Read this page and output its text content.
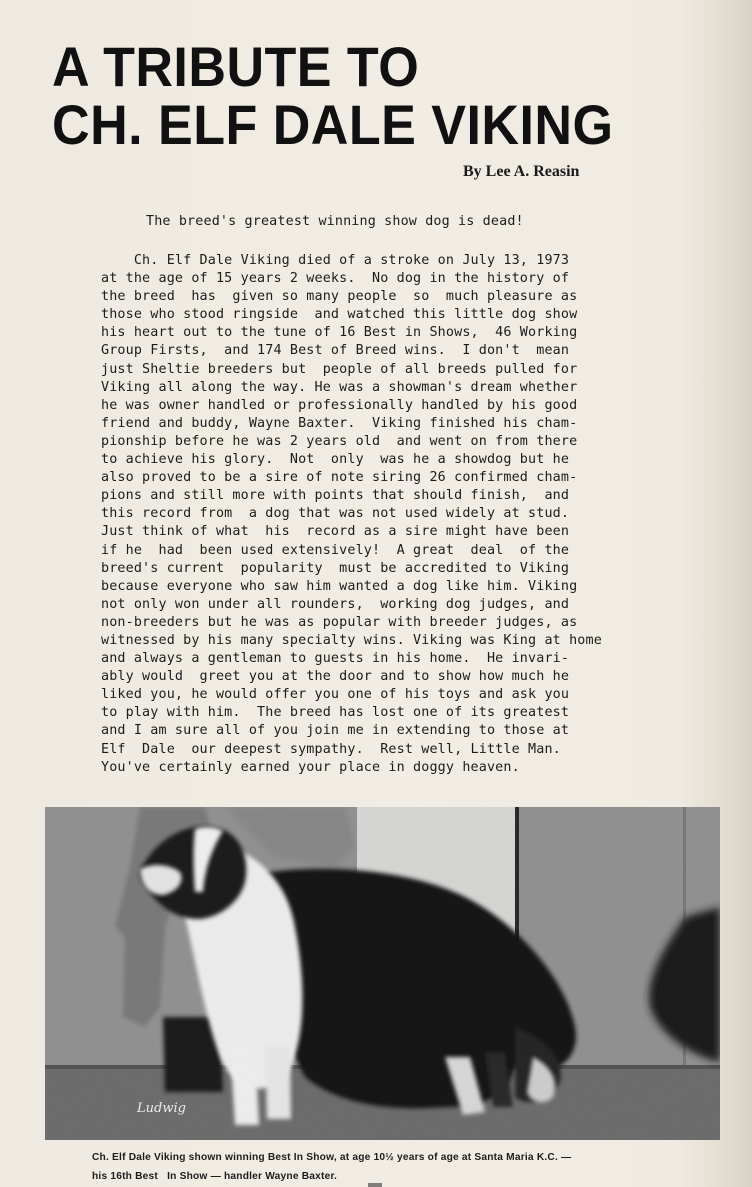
A TRIBUTE TO
CH. ELF DALE VIKING
By Lee A. Reasin
The breed's greatest winning show dog is dead!
Ch. Elf Dale Viking died of a stroke on July 13, 1973
at the age of 15 years 2 weeks.  No dog in the history of
the breed  has  given so many people  so  much pleasure as
those who stood ringside  and watched this little dog show
his heart out to the tune of 16 Best in Shows,  46 Working
Group Firsts,  and 174 Best of Breed wins.  I don't  mean
just Sheltie breeders but  people of all breeds pulled for
Viking all along the way. He was a showman's dream whether
he was owner handled or professionally handled by his good
friend and buddy, Wayne Baxter.  Viking finished his cham-
pionship before he was 2 years old  and went on from there
to achieve his glory.  Not  only  was he a showdog but he
also proved to be a sire of note siring 26 confirmed cham-
pions and still more with points that should finish,  and
this record from  a dog that was not used widely at stud.
Just think of what  his  record as a sire might have been
if he  had  been used extensively!  A great  deal  of the
breed's current  popularity  must be accredited to Viking
because everyone who saw him wanted a dog like him. Viking
not only won under all rounders,  working dog judges, and
non-breeders but he was as popular with breeder judges, as
witnessed by his many specialty wins. Viking was King at home
and always a gentleman to guests in his home.  He invari-
ably would  greet you at the door and to show how much he
liked you, he would offer you one of his toys and ask you
to play with him.  The breed has lost one of its greatest
and I am sure all of you join me in extending to those at
Elf  Dale  our deepest sympathy.  Rest well, Little Man.
You've certainly earned your place in doggy heaven.
Ludwig
Ch. Elf Dale Viking shown winning Best In Show, at age 10½ years of age at Santa Maria K.C. —
his 16th Best   In Show — handler Wayne Baxter.
